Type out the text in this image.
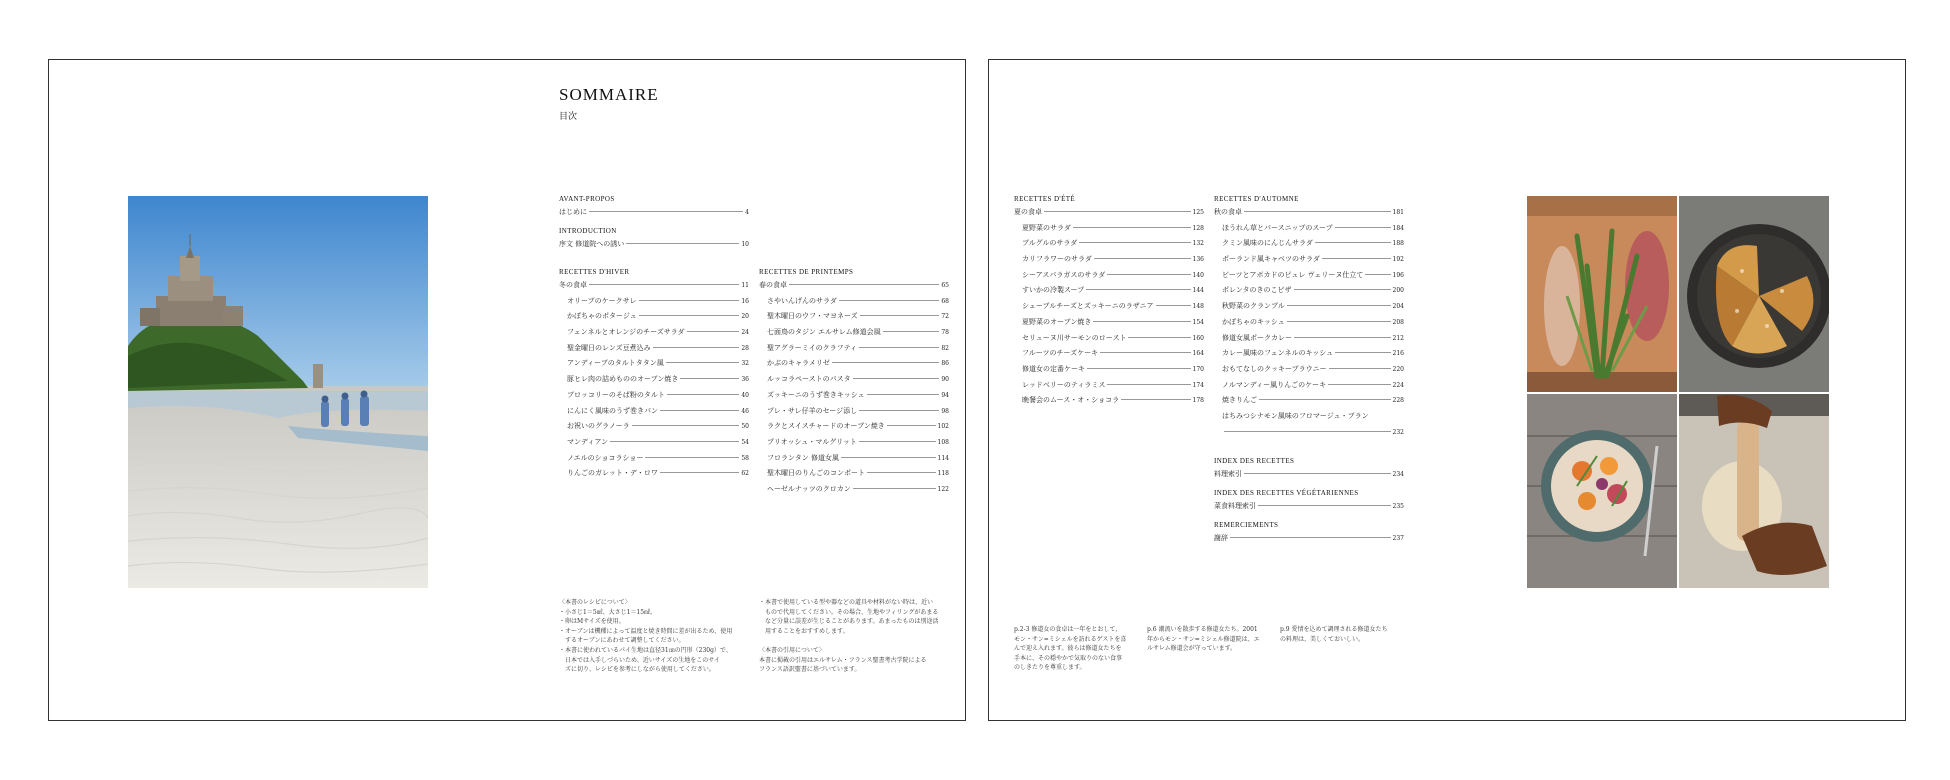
SOMMAIRE
目次
AVANT-PROPOS
はじめに	4
INTRODUCTION
序文 修道院への誘い	10
RECETTES D'HIVER
冬の食卓	11
オリーブのケークサレ	16
かぼちゃのポタージュ	20
フェンネルとオレンジのチーズサラダ	24
聖金曜日のレンズ豆煮込み	28
アンディーブのタルトタタン風	32
豚ヒレ肉の詰めもののオーブン焼き	36
ブロッコリーのそば粉のタルト	40
にんにく風味のうず巻きパン	46
お祝いのグラノーラ	50
マンディアン	54
ノエルのショコラショー	58
りんごのガレット・デ・ロワ	62
RECETTES DE PRINTEMPS
春の食卓	65
さやいんげんのサラダ	68
聖木曜日のウフ・マヨネーズ	72
七面鳥のタジン エルサレム修道会風	78
聖アグラーミイのクラフティ	82
かぶのキャラメリゼ	86
ルッコラペーストのパスタ	90
ズッキーニのうず巻きキッシュ	94
プレ・サレ仔羊のセージ添し	98
ラクとスイスチャードのオーブン焼き	102
プリオッシュ・マルグリット	108
フロランタン 修道女風	114
聖木曜日のりんごのコンポート	118
ヘーゼルナッツのクロカン	122
〈本書のレシピについて〉
・小さじ1＝5㎖、大さじ1＝15㎖。
・卵はMサイズを使用。
・オーブンは機種によって温度と焼き時間に差が出るため、使用
　するオーブンにあわせて調整してください。
・本書に使われているパイ生地は直径31㎝の円形（230g）で、
　日本では入手しづらいため、近いサイズの生地をこのサイ
　ズに切り、レシピを参考にしながら使用してください。
・本書で使用している型や器などの道具や材料がない時は、近い
　もので代用してください。その場合、生地やフィリングがあまる
　など分量に誤差が生じることがあります。あまったものは別途活
　用することをおすすめします。

〈本書の引用について〉
本書に掲載の引用はエルサレム・フランス聖書考古学院による
フランス語訳聖書に基づいています。
RECETTES D'ÉTÉ
夏の食卓	125
夏野菜のサラダ	128
ブルグルのサラダ	132
カリフラワーのサラダ	136
シーアスパラガスのサラダ	140
すいかの冷製スープ	144
シェーブルチーズとズッキーニのラザニア	148
夏野菜のオーブン焼き	154
セリューヌ川サーモンのロースト	160
フルーツのチーズケーキ	164
修道女の定番ケーキ	170
レッドベリーのティラミス	174
晩餐会のムース・オ・ショコラ	178
RECETTES D'AUTOMNE
秋の食卓	181
ほうれん草とパースニップのスープ	184
クミン風味のにんじんサラダ	188
ポーランド風キャベツのサラダ	192
ビーツとアボカドのピュレ ヴェリーヌ仕立て	196
ポレンタのきのこビザ	200
秋野菜のクランブル	204
かぼちゃのキッシュ	208
修道女風ポークカレー	212
カレー風味のフェンネルのキッシュ	216
おもてなしのクッキーブラウニー	220
ノルマンディー風りんごのケーキ	224
焼きりんご	228
はちみつシナモン風味のフロマージュ・ブラン
232
INDEX DES RECETTES
料理索引	234
INDEX DES RECETTES VÉGÉTARIENNES
菜食料理索引	235
REMERCIEMENTS
謝辞	237
p.2-3 修道女の食卓は一年をとおして、
モン・サン=ミシェルを訪れるゲストを喜
んで迎え入れます。彼らは修道女たちを
手本に、その穏やかで気取りのない食事
のしきたりを尊重します。
p.6 潮流いを散歩する修道女たち。2001
年からモン・サン=ミシェル修道院は、エ
ルサレム修道会が守っています。
p.9 愛情を込めて調理される修道女たち
の料理は、美しくておいしい。
